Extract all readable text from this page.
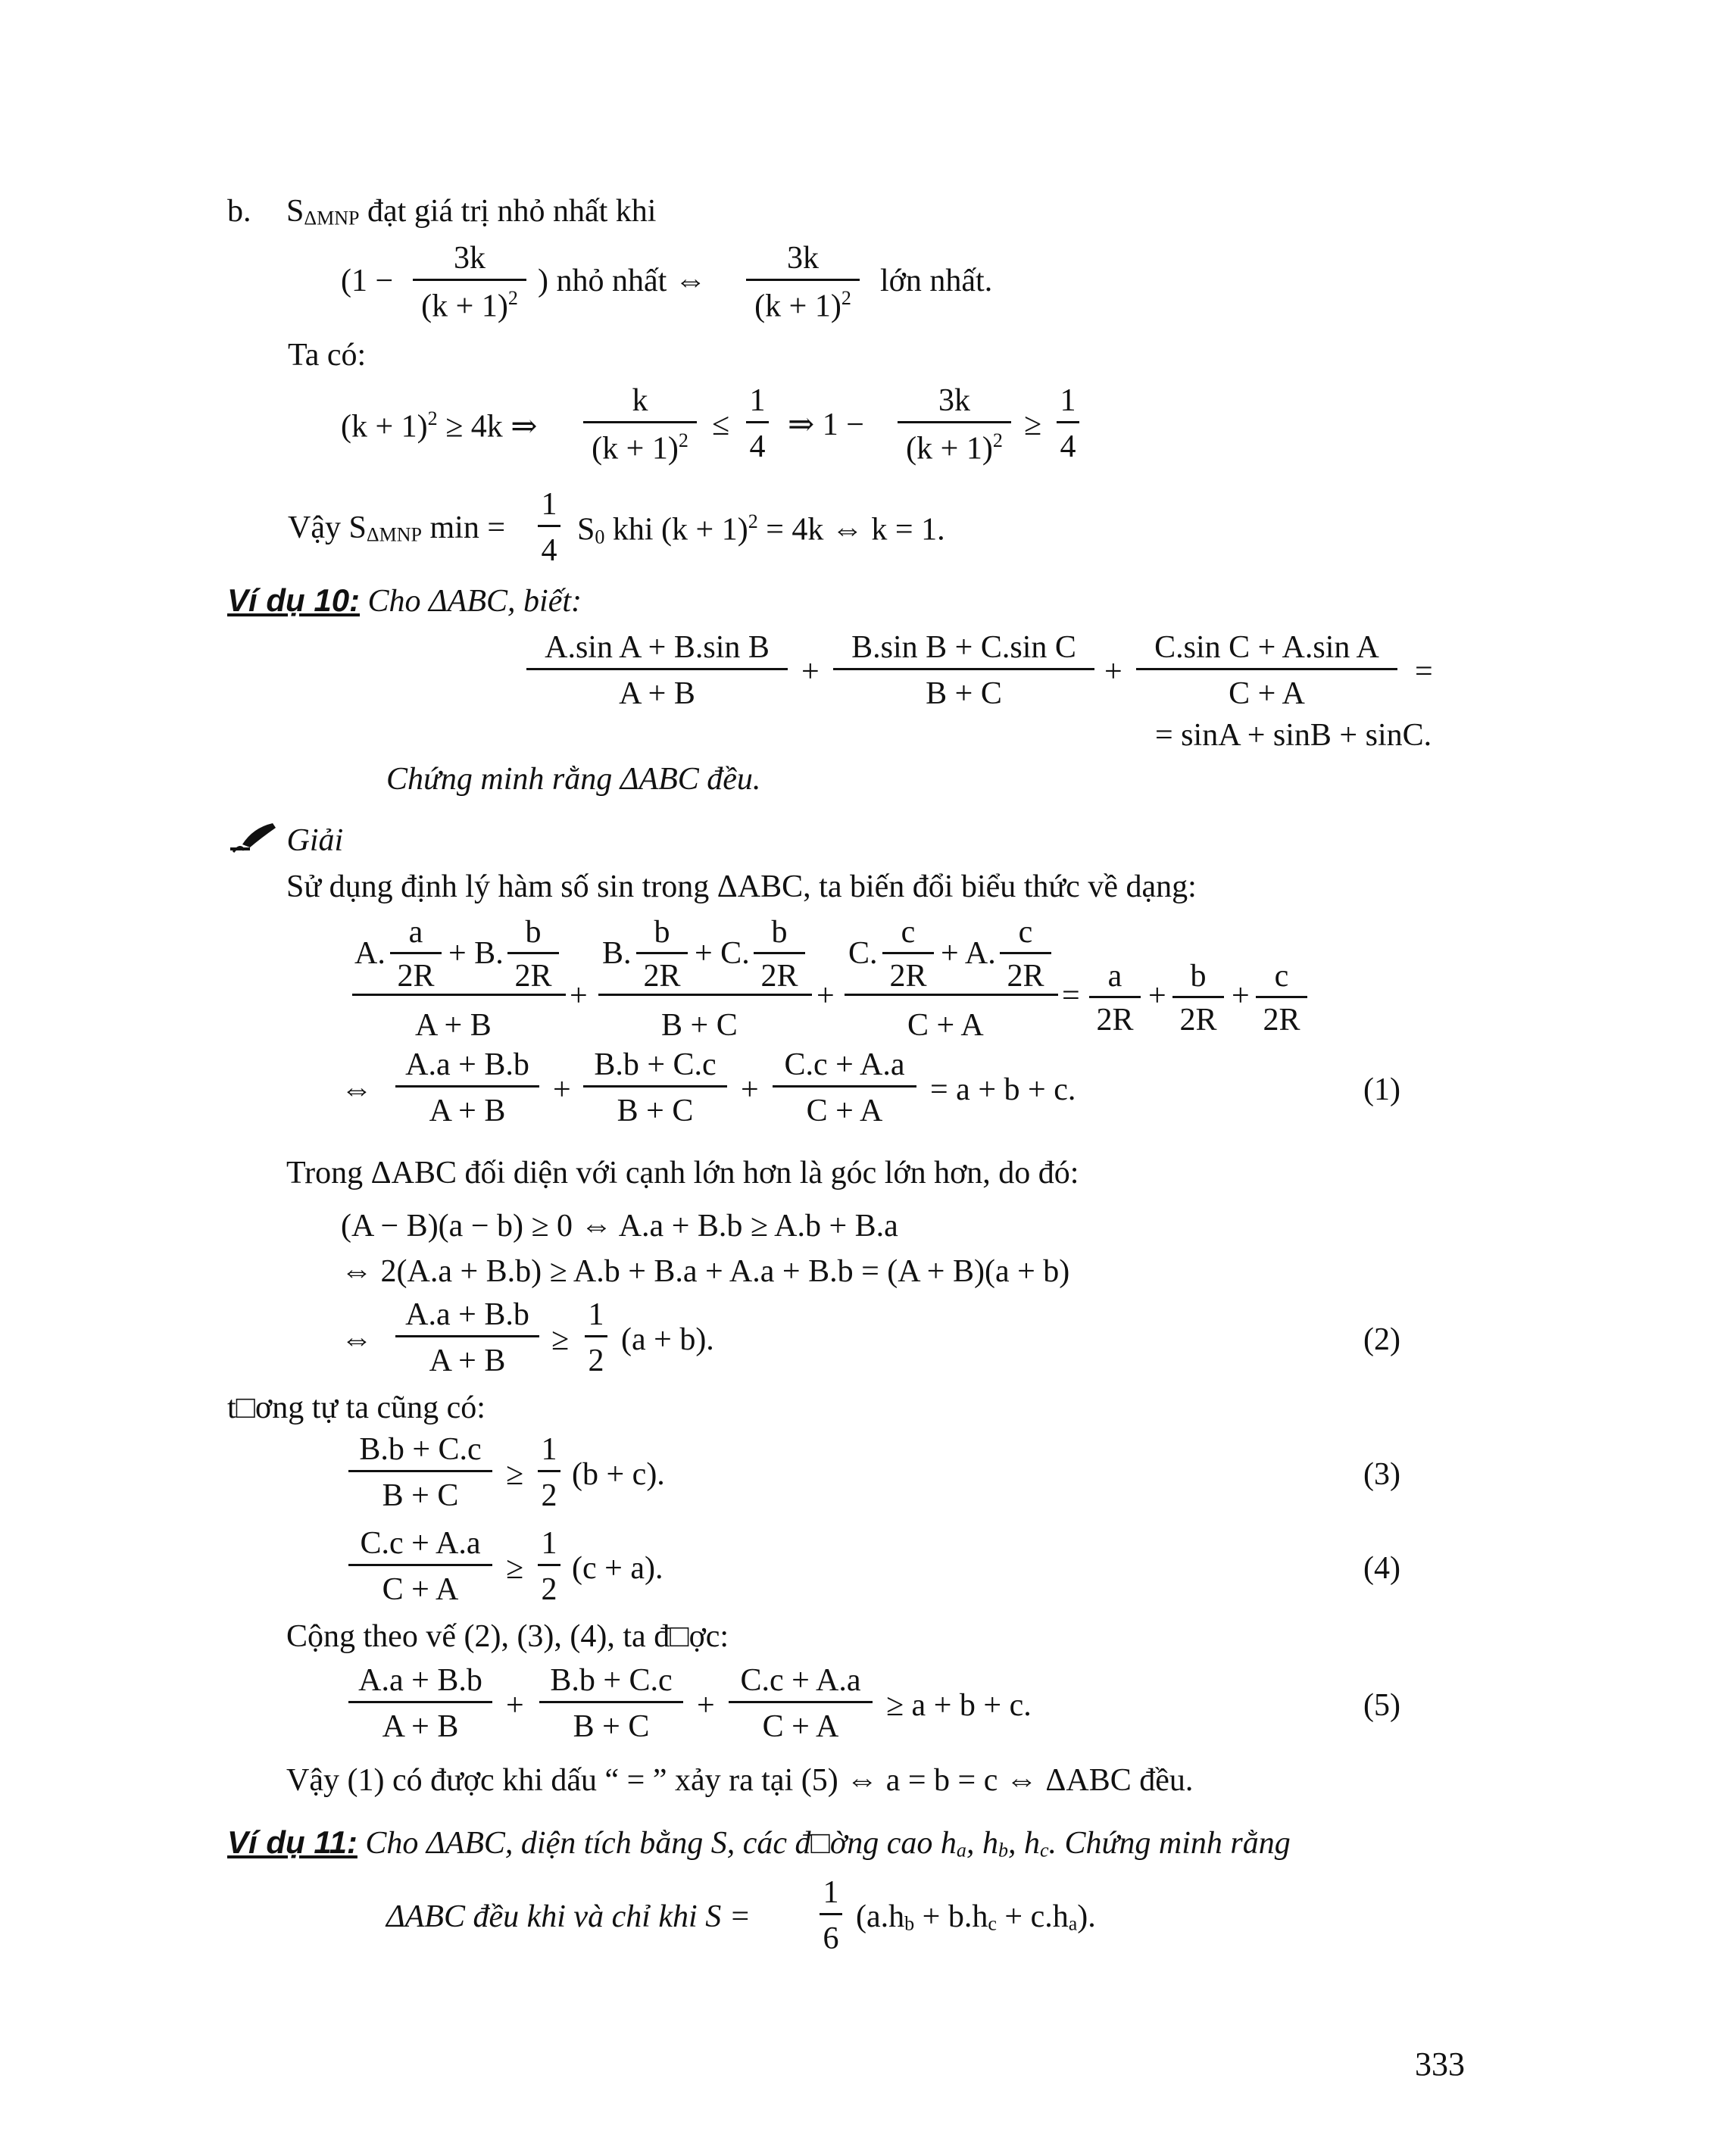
b. SΔMNP đạt giá trị nhỏ nhất khi
(1 −
3k
$(k + 1)^2$ ) nhỏ nhất ⇔
3k
$(k + 1)^2$ lớn nhất.
Ta có:
$(k + 1)^2 \ge 4k$ ⇒
k
$(k + 1)^2$ ≤
1
4
⇒ 1 −
3k
$(k + 1)^2$ ≥
1
4
Vậy SΔMNP min =
1
4
S0 khi $(k + 1)^2 = 4k$ ⇔ k = 1.
Ví dụ 10: Cho ΔABC, biết:
A.sin A + B.sin B
A + B
+
B.sin B + C.sin C
B + C
+
C.sin C + A.sin A
C + A
=
= sinA + sinB + sinC.
Chứng minh rằng ΔABC đều.
Giải
Sử dụng định lý hàm số sin trong ΔABC, ta biến đổi biểu thức về dạng:
A.
a
2R
+ B.
b
2R
A + B
+
B.
b
2R
+ C.
b
2R
B + C
+
C.
c
2R
+ A.
c
2R
C + A
=
a
2R
+
b
2R
+
c
2R
⇔
A.a + B.b
A + B
+
B.b + C.c
B + C
+
C.c + A.a
C + A
= a + b + c.	(1)
Trong ΔABC đối diện với cạnh lớn hơn là góc lớn hơn, do đó:
(A − B)(a − b) ≥ 0 ⇔ A.a + B.b ≥ A.b + B.a
⇔ 2(A.a + B.b) ≥ A.b + B.a + A.a + B.b = (A + B)(a + b)
⇔
A.a + B.b
A + B
≥
1
2
(a + b).	(2)
t□ơng tự ta cũng có:
B.b + C.c
B + C
≥
1
2
(b + c).	(3)
C.c + A.a
C + A
≥
1
2
(c + a).	(4)
Cộng theo vế (2), (3), (4), ta đ□ợc:
A.a + B.b
A + B
+
B.b + C.c
B + C
+
C.c + A.a
C + A
≥ a + b + c.	(5)
Vậy (1) có được khi dấu “ = ” xảy ra tại (5) ⇔ a = b = c ⇔ ΔABC đều.
Ví dụ 11: Cho ΔABC, diện tích bằng S, các đ□ờng cao ha, hb, hc. Chứng minh rằng
ΔABC đều khi và chỉ khi S =
1
6
(a.hb + b.hc + c.ha).
333
